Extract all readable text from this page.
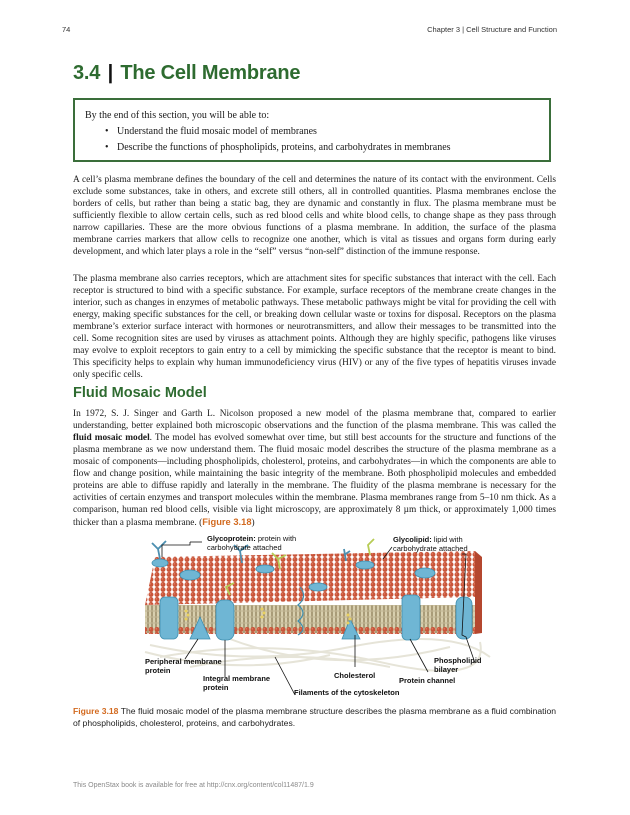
74	Chapter 3 | Cell Structure and Function
3.4 | The Cell Membrane

By the end of this section, you will be able to:

• Understand the fluid mosaic model of membranes
• Describe the functions of phospholipids, proteins, and carbohydrates in membranes

A cell’s plasma membrane defines the boundary of the cell and determines the nature of its contact with the environment. Cells exclude some substances, take in others, and excrete still others, all in controlled quantities. Plasma membranes enclose the borders of cells, but rather than being a static bag, they are dynamic and constantly in flux. The plasma membrane must be sufficiently flexible to allow certain cells, such as red blood cells and white blood cells, to change shape as they pass through narrow capillaries. These are the more obvious functions of a plasma membrane. In addition, the surface of the plasma membrane carries markers that allow cells to recognize one another, which is vital as tissues and organs form during early development, and which later plays a role in the “self” versus “non-self” distinction of the immune response.

The plasma membrane also carries receptors, which are attachment sites for specific substances that interact with the cell. Each receptor is structured to bind with a specific substance. For example, surface receptors of the membrane create changes in the interior, such as changes in enzymes of metabolic pathways. These metabolic pathways might be vital for providing the cell with energy, making specific substances for the cell, or breaking down cellular waste or toxins for disposal. Receptors on the plasma membrane’s exterior surface interact with hormones or neurotransmitters, and allow their messages to be transmitted into the cell. Some recognition sites are used by viruses as attachment points. Although they are highly specific, pathogens like viruses may evolve to exploit receptors to gain entry to a cell by mimicking the specific substance that the receptor is meant to bind. This specificity helps to explain why human immunodeficiency virus (HIV) or any of the five types of hepatitis viruses invade only specific cells.

Fluid Mosaic Model

In 1972, S. J. Singer and Garth L. Nicolson proposed a new model of the plasma membrane that, compared to earlier understanding, better explained both microscopic observations and the function of the plasma membrane. This was called the fluid mosaic model. The model has evolved somewhat over time, but still best accounts for the structure and functions of the plasma membrane as we now understand them. The fluid mosaic model describes the structure of the plasma membrane as a mosaic of components—including phospholipids, cholesterol, proteins, and carbohydrates—in which the components are able to flow and change position, while maintaining the basic integrity of the membrane. Both phospholipid molecules and embedded proteins are able to diffuse rapidly and laterally in the membrane. The fluidity of the plasma membrane is necessary for the activities of certain enzymes and transport molecules within the membrane. Plasma membranes range from 5–10 nm thick. As a comparison, human red blood cells, visible via light microscopy, are approximately 8 µm thick, or approximately 1,000 times thicker than a plasma membrane. (Figure 3.18)

Glycoprotein: protein with carbohydrate attached
Glycolipid: lipid with carbohydrate attached
Peripheral membrane protein
Integral membrane protein
Cholesterol
Protein channel
Phospholipid bilayer
Filaments of the cytoskeleton
Figure 3.18 The fluid mosaic model of the plasma membrane structure describes the plasma membrane as a fluid combination of phospholipids, cholesterol, proteins, and carbohydrates.
This OpenStax book is available for free at http://cnx.org/content/col11487/1.9
